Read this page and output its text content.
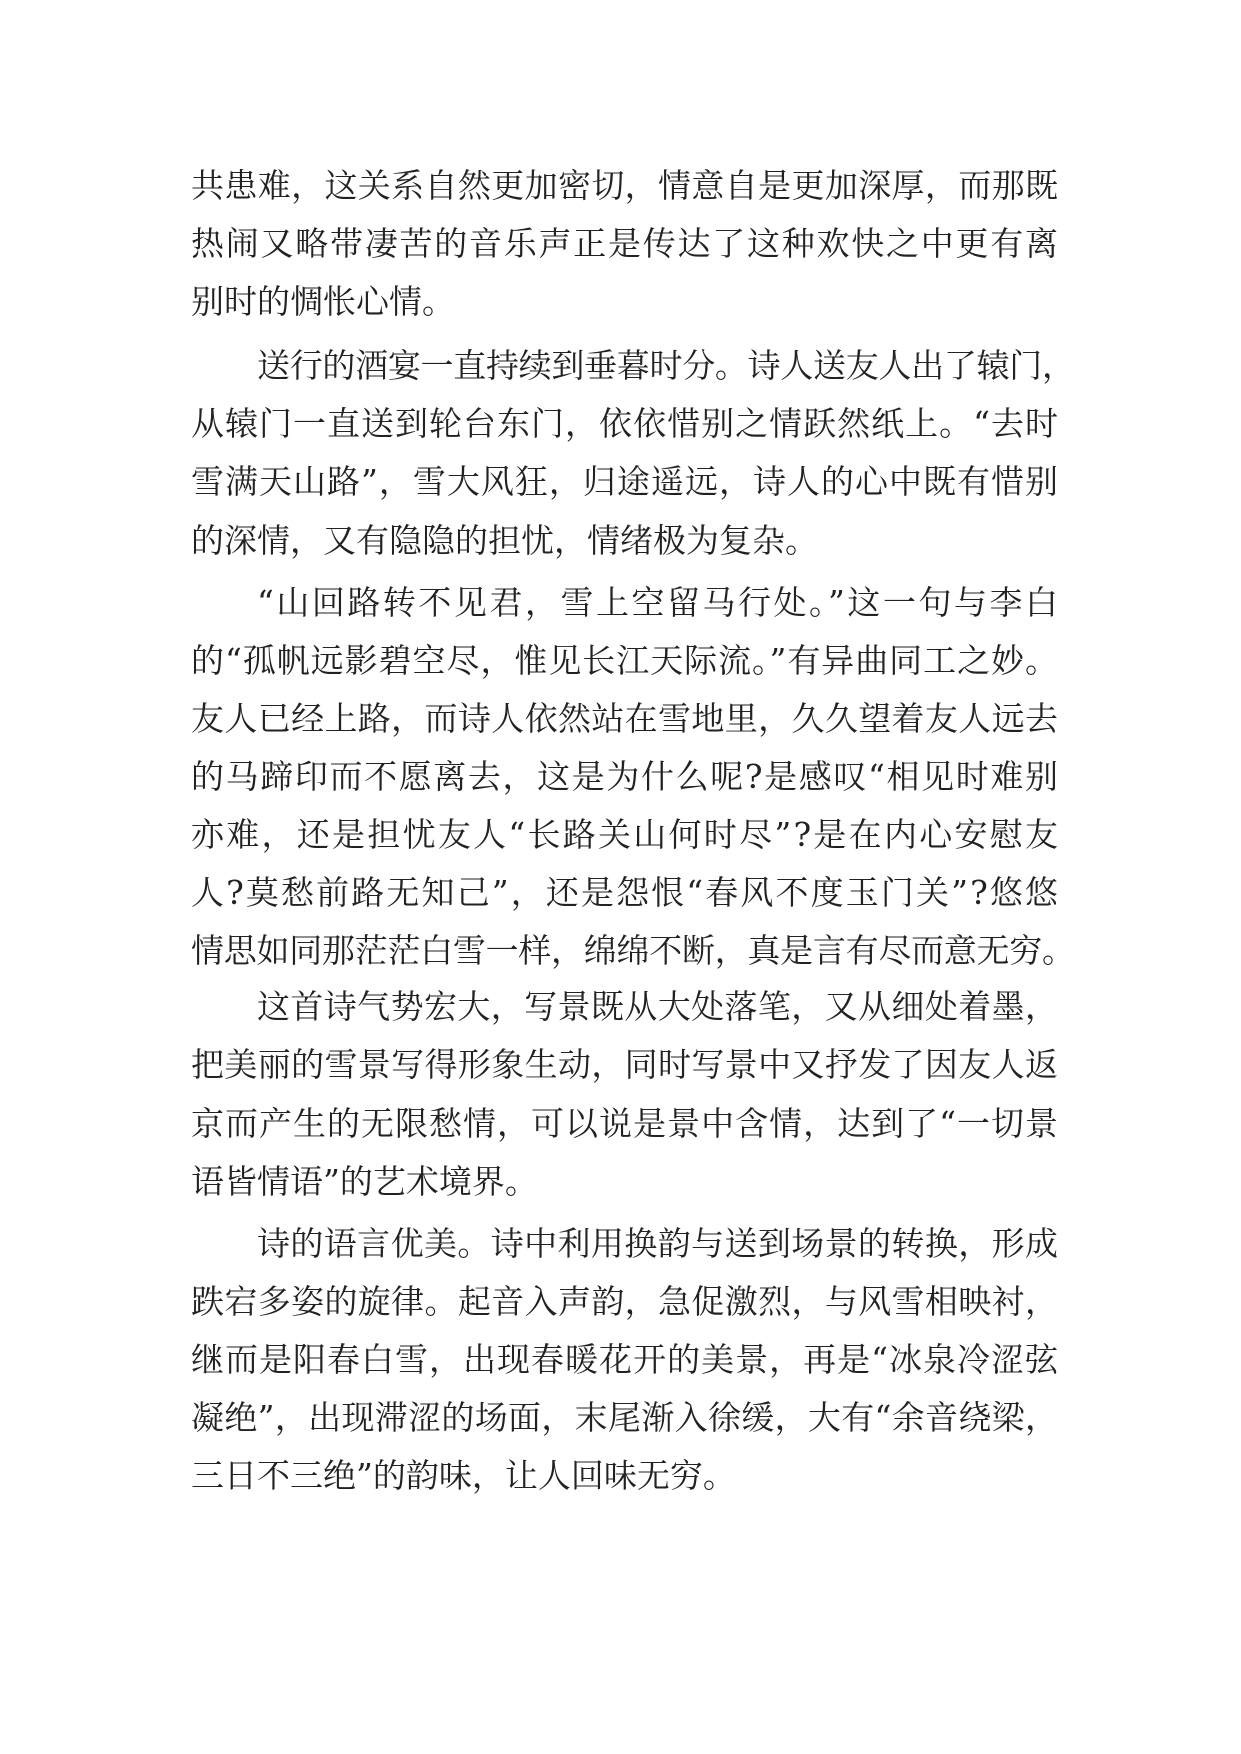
共患难，这关系自然更加密切，情意自是更加深厚，而那既
热闹又略带凄苦的音乐声正是传达了这种欢快之中更有离
别时的惆怅心情。
送行的酒宴一直持续到垂暮时分。诗人送友人出了辕门，
从辕门一直送到轮台东门，依依惜别之情跃然纸上。“去时
雪满天山路”，雪大风狂，归途遥远，诗人的心中既有惜别
的深情，又有隐隐的担忧，情绪极为复杂。
“山回路转不见君，雪上空留马行处。”这一句与李白
的“孤帆远影碧空尽，惟见长江天际流。”有异曲同工之妙。
友人已经上路，而诗人依然站在雪地里，久久望着友人远去
的马蹄印而不愿离去，这是为什么呢?是感叹“相见时难别
亦难，还是担忧友人“长路关山何时尽”?是在内心安慰友
人?莫愁前路无知己”，还是怨恨“春风不度玉门关”?悠悠
情思如同那茫茫白雪一样，绵绵不断，真是言有尽而意无穷。
这首诗气势宏大，写景既从大处落笔，又从细处着墨，
把美丽的雪景写得形象生动，同时写景中又抒发了因友人返
京而产生的无限愁情，可以说是景中含情，达到了“一切景
语皆情语”的艺术境界。
诗的语言优美。诗中利用换韵与送到场景的转换，形成
跌宕多姿的旋律。起音入声韵，急促激烈，与风雪相映衬，
继而是阳春白雪，出现春暖花开的美景，再是“冰泉冷涩弦
凝绝”，出现滞涩的场面，末尾渐入徐缓，大有“余音绕梁，
三日不三绝”的韵味，让人回味无穷。
